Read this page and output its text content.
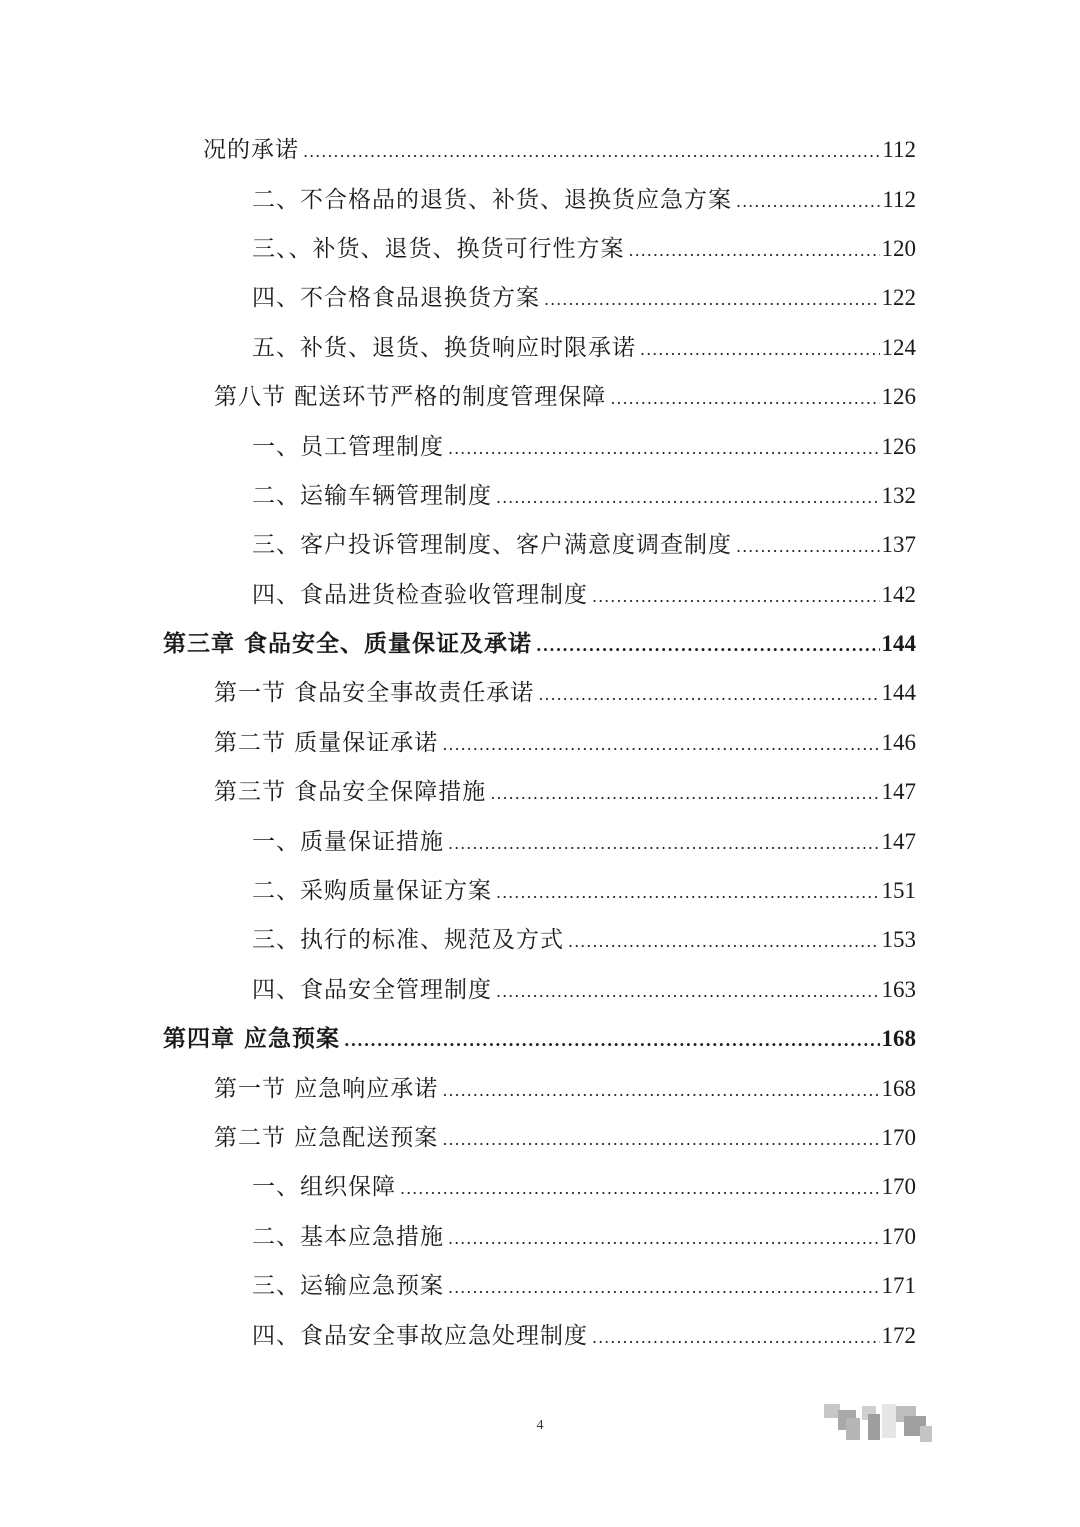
况的承诺 .....	112
二、不合格品的退货、补货、退换货应急方案 .....	112
三、、补货、退货、换货可行性方案 .....	120
四、不合格食品退换货方案 .....	122
五、补货、退货、换货响应时限承诺 .....	124
第八节 配送环节严格的制度管理保障 .....	126
一、员工管理制度 .....	126
二、运输车辆管理制度 .....	132
三、客户投诉管理制度、客户满意度调查制度 .....	137
四、食品进货检查验收管理制度 .....	142
第三章 食品安全、质量保证及承诺 .....	144
第一节 食品安全事故责任承诺 .....	144
第二节 质量保证承诺 .....	146
第三节 食品安全保障措施 .....	147
一、质量保证措施 .....	147
二、采购质量保证方案 .....	151
三、执行的标准、规范及方式 .....	153
四、食品安全管理制度 .....	163
第四章 应急预案 .....	168
第一节 应急响应承诺 .....	168
第二节 应急配送预案 .....	170
一、组织保障 .....	170
二、基本应急措施 .....	170
三、运输应急预案 .....	171
四、食品安全事故应急处理制度 .....	172
4
